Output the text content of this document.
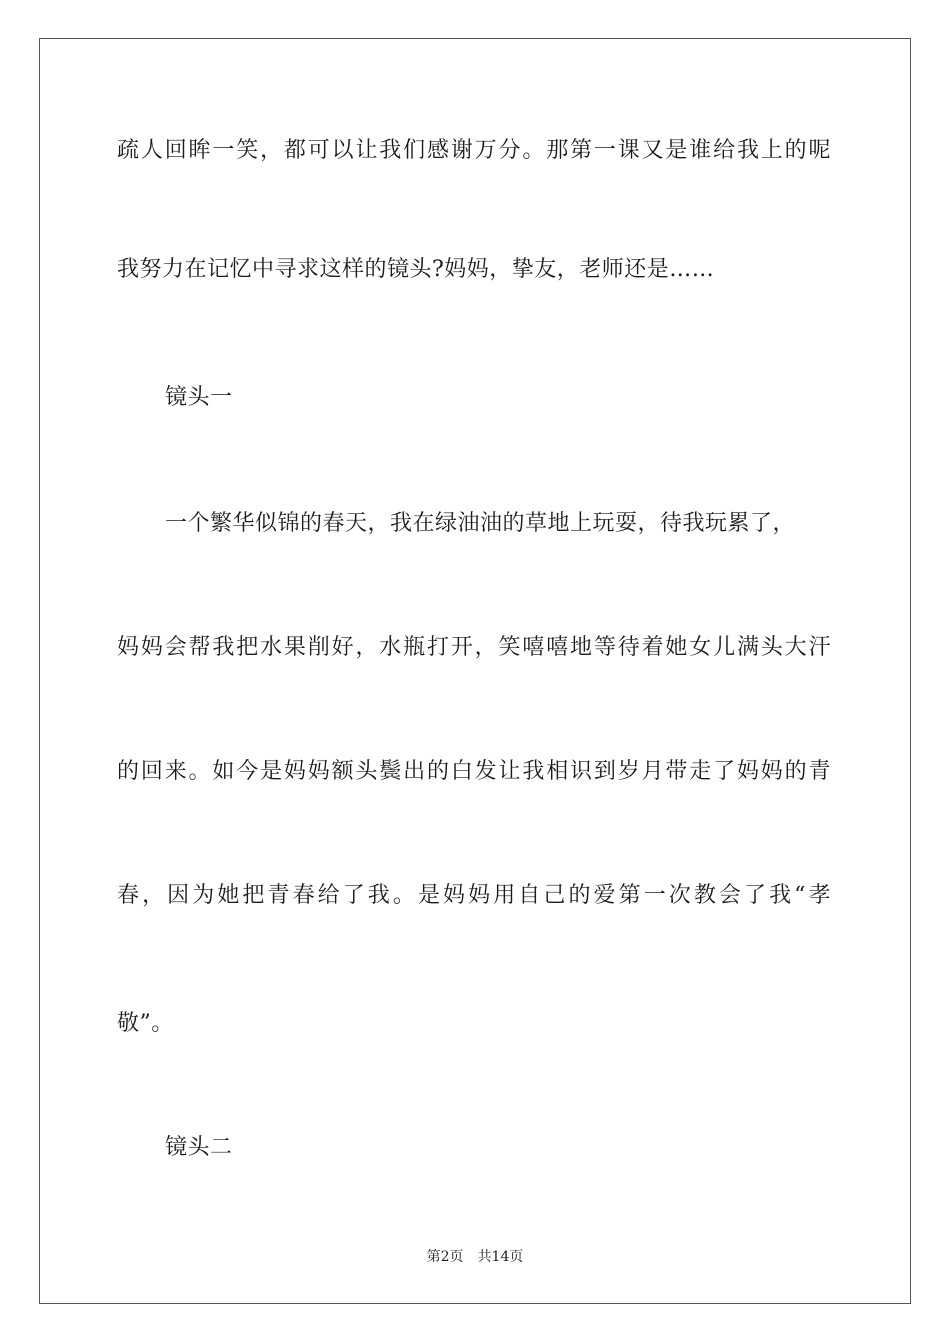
疏人回眸一笑，都可以让我们感谢万分。那第一课又是谁给我上的呢
我努力在记忆中寻求这样的镜头?妈妈，挚友，老师还是……
镜头一
一个繁华似锦的春天，我在绿油油的草地上玩耍，待我玩累了，
妈妈会帮我把水果削好，水瓶打开，笑嘻嘻地等待着她女儿满头大汗
的回来。如今是妈妈额头鬓出的白发让我相识到岁月带走了妈妈的青
春，因为她把青春给了我。是妈妈用自己的爱第一次教会了我“孝
敬”。
镜头二
第2页 共14页
